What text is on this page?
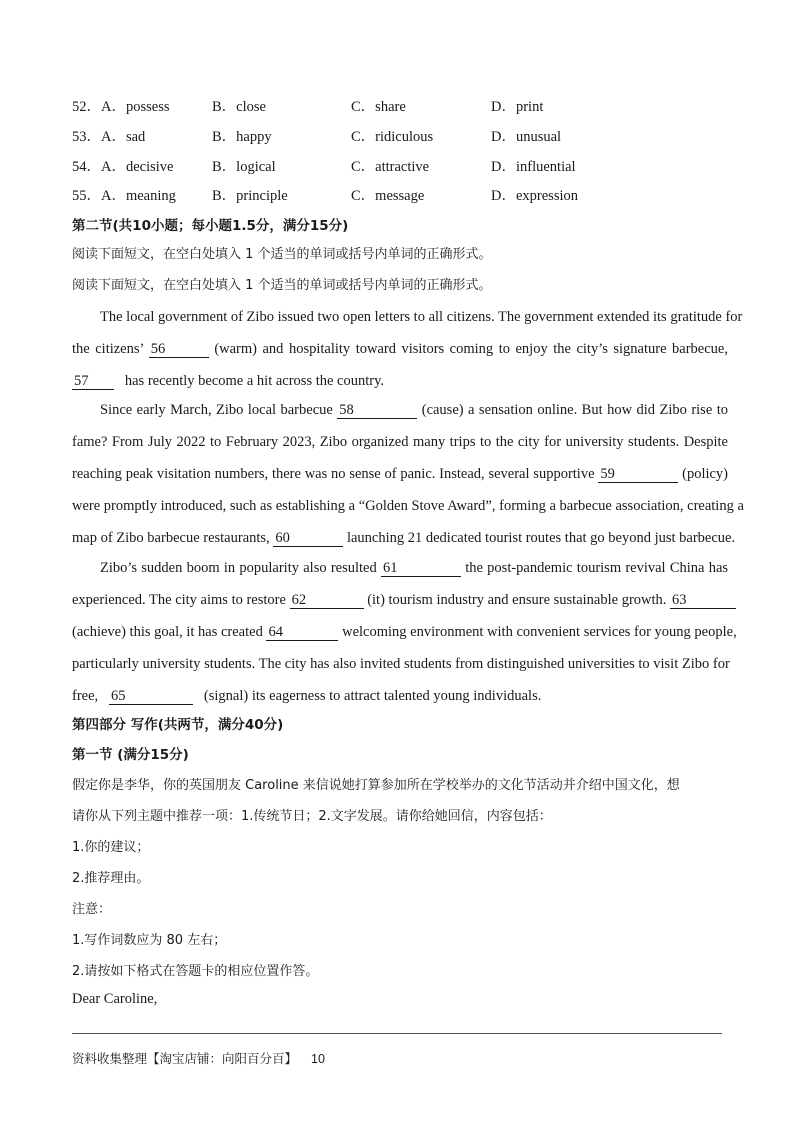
52．A．possess	B．close	C．share	D．print
53．A．sad	B．happy	C．ridiculous	D．unusual
54．A．decisive	B．logical	C．attractive	D．influential
55．A．meaning B．principle	C．message	D．expression
第二节(共10小题；每小题1.5分，满分15分)
阅读下面短文，在空白处填入 1 个适当的单词或括号内单词的正确形式。
阅读下面短文，在空白处填入 1 个适当的单词或括号内单词的正确形式。
The local government of Zibo issued two open letters to all citizens. The government extended its gratitude for
the citizens’ 56	(warm) and hospitality toward visitors coming to enjoy the city’s signature barbecue,
57	has recently become a hit across the country.
Since early March, Zibo local barbecue 58	(cause) a sensation online. But how did Zibo rise to
fame? From July 2022 to February 2023, Zibo organized many trips to the city for university students. Despite
reaching peak visitation numbers, there was no sense of panic. Instead, several supportive 59	(policy)
were promptly introduced, such as establishing a “Golden Stove Award”, forming a barbecue association, creating a
map of Zibo barbecue restaurants, 60	launching 21 dedicated tourist routes that go beyond just barbecue.
Zibo’s sudden boom in popularity also resulted 61	the post-pandemic tourism revival China has
experienced. The city aims to restore 62	(it) tourism industry and ensure sustainable growth. 63
(achieve) this goal, it has created 64	welcoming environment with convenient services for young people,
particularly university students. The city has also invited students from distinguished universities to visit Zibo for
free, 65	(signal) its eagerness to attract talented young individuals.
第四部分 写作(共两节，满分40分)
第一节 (满分15分)
假定你是李华，你的英国朋友 Caroline 来信说她打算参加所在学校举办的文化节活动并介绍中国文化，想
请你从下列主题中推荐一项：1.传统节日；2.文字发展。请你给她回信，内容包括：
1.你的建议；
2.推荐理由。
注意：
1.写作词数应为 80 左右；
2.请按如下格式在答题卡的相应位置作答。
Dear Caroline,
资料收集整理【淘宝店铺：向阳百分百】 10
